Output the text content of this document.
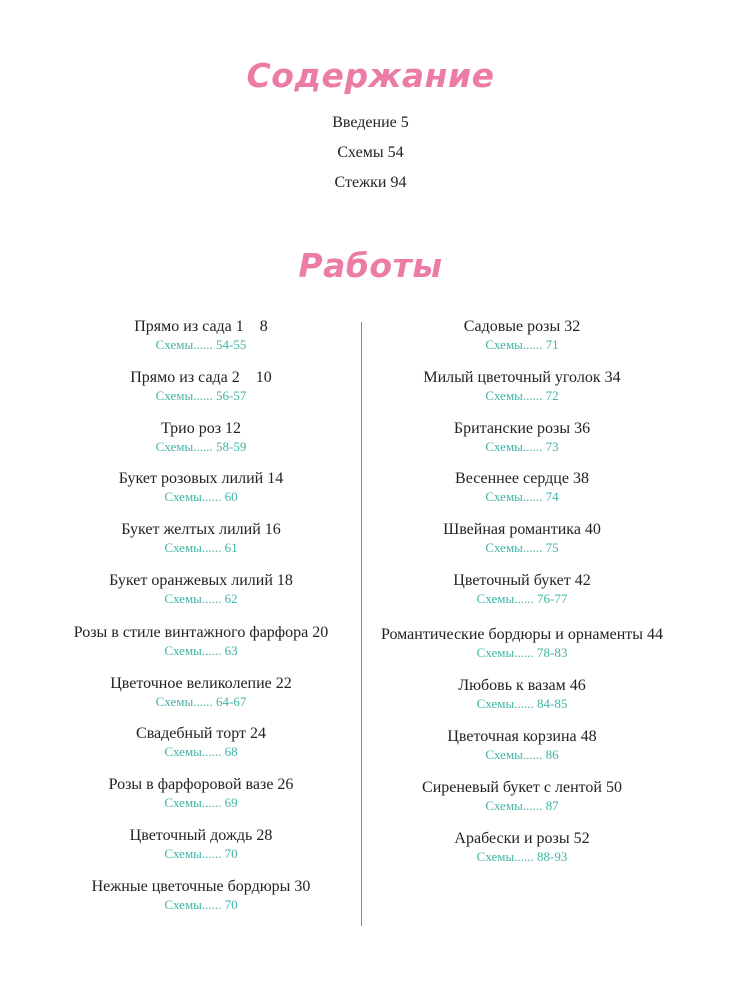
Содержание
Введение 5
Схемы 54
Стежки 94
Работы
Прямо из сада 1    8
Схемы...... 54-55
Прямо из сада 2    10
Схемы...... 56-57
Трио роз 12
Схемы...... 58-59
Букет розовых лилий 14
Схемы...... 60
Букет желтых лилий 16
Схемы...... 61
Букет оранжевых лилий 18
Схемы...... 62
Розы в стиле винтажного фарфора 20
Схемы...... 63
Цветочное великолепие 22
Схемы...... 64-67
Свадебный торт 24
Схемы...... 68
Розы в фарфоровой вазе 26
Схемы...... 69
Цветочный дождь 28
Схемы...... 70
Нежные цветочные бордюры 30
Схемы...... 70
Садовые розы 32
Схемы...... 71
Милый цветочный уголок 34
Схемы...... 72
Британские розы 36
Схемы...... 73
Весеннее сердце 38
Схемы...... 74
Швейная романтика 40
Схемы...... 75
Цветочный букет 42
Схемы...... 76-77
Романтические бордюры и орнаменты 44
Схемы...... 78-83
Любовь к вазам 46
Схемы...... 84-85
Цветочная корзина 48
Схемы...... 86
Сиреневый букет с лентой 50
Схемы...... 87
Арабески и розы 52
Схемы...... 88-93
